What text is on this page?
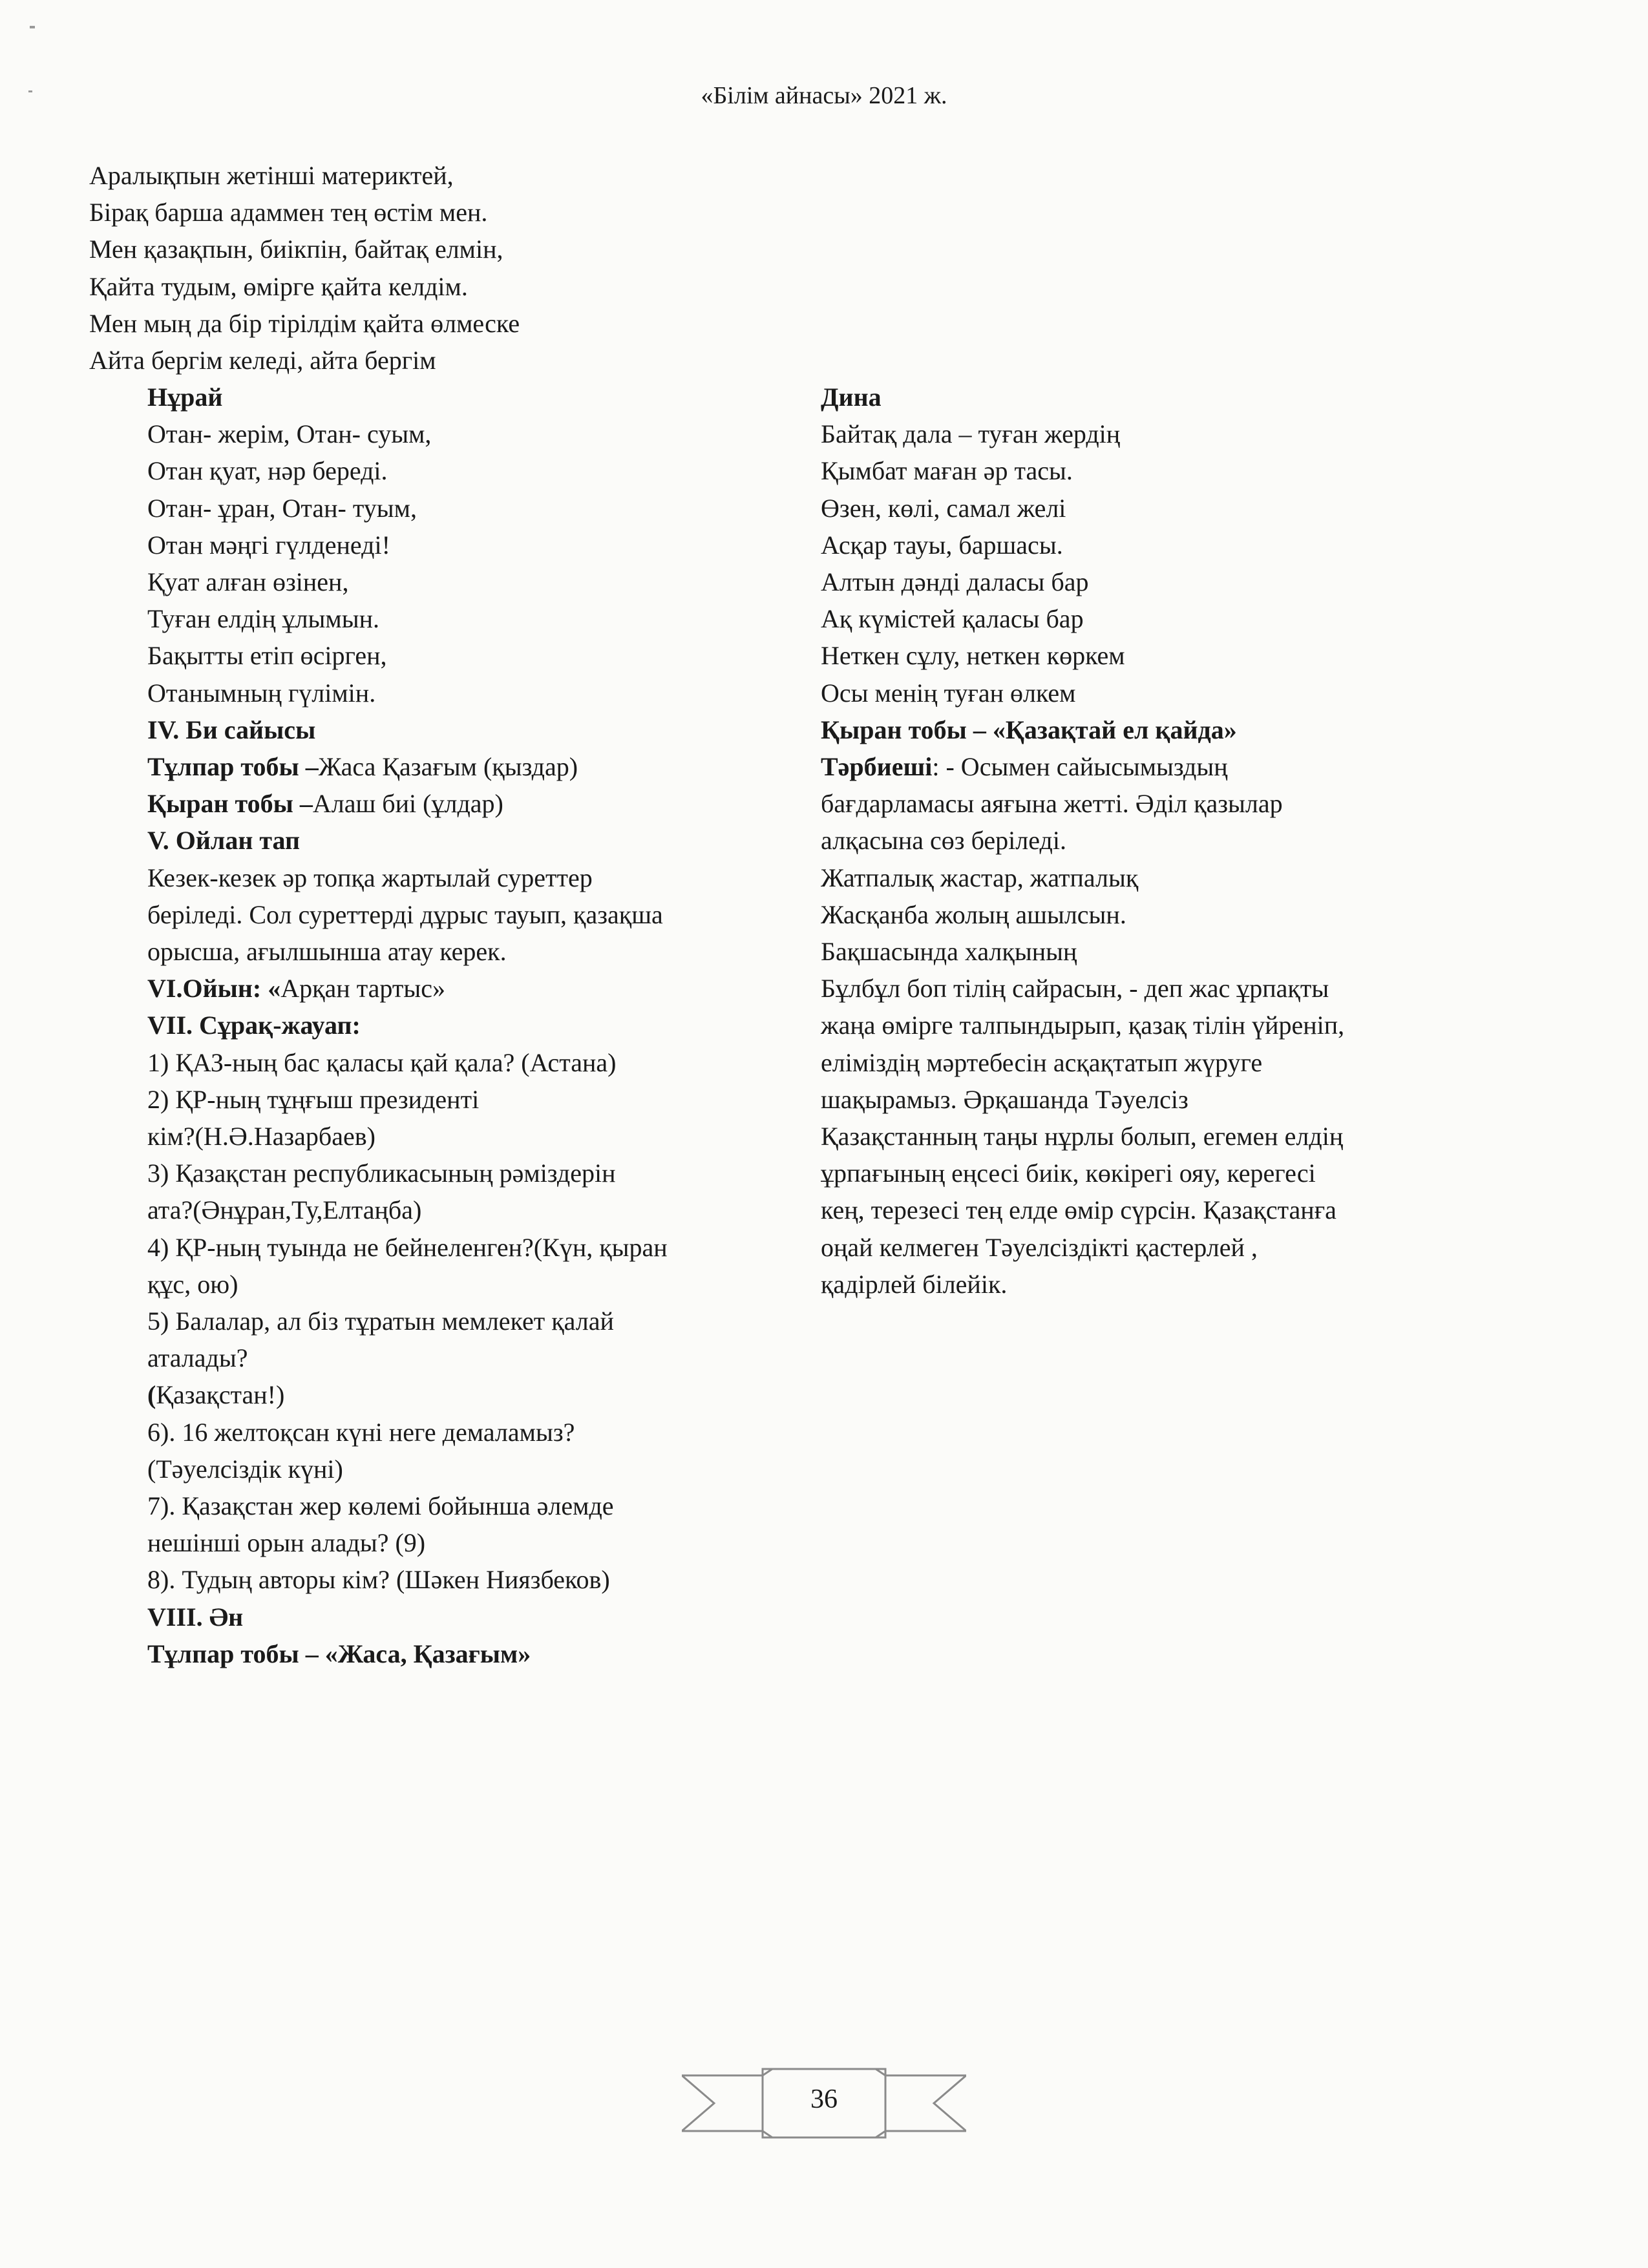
«Білім айнасы» 2021 ж.
Аралықпын жетінші материктей,
Бірақ барша адаммен тең өстім мен.
Мен қазақпын, биікпін, байтақ елмін,
Қайта тудым, өмірге қайта келдім.
Мен мың да бір тірілдім қайта өлмеске
Айта бергім келеді, айта бергім
Нұрай
Отан- жерім, Отан- суым,
Отан қуат, нәр береді.
Отан- ұран, Отан- туым,
Отан мәңгі гүлденеді!
Қуат алған өзінен,
Туған елдің ұлымын.
Бақытты етіп өсірген,
Отанымның гүлімін.
IV. Би сайысы
Тұлпар тобы –Жаса Қазағым (қыздар)
Қыран тобы –Алаш биі (ұлдар)
V. Ойлан тап
Кезек-кезек әр топқа жартылай суреттер
беріледі. Сол суреттерді дұрыс тауып, қазақша
орысша, ағылшынша атау керек.
VI.Ойын: «Арқан тартыс»
VII. Сұрақ-жауап:
1) ҚАЗ-ның бас қаласы қай қала? (Астана)
2) ҚР-ның тұңғыш президенті
кім?(Н.Ә.Назарбаев)
3) Қазақстан республикасының рәміздерін
ата?(Әнұран,Ту,Елтаңба)
4) ҚР-ның туында не бейнеленген?(Күн, қыран
құс, ою)
5) Балалар, ал біз тұратын мемлекет қалай
аталады?
(Қазақстан!)
6). 16 желтоқсан күні неге демаламыз?
(Тәуелсіздік күні)
7). Қазақстан жер көлемі бойынша әлемде
нешінші орын алады? (9)
8). Тудың авторы кім? (Шәкен Ниязбеков)
VIII. Ән
Тұлпар тобы – «Жаса, Қазағым»
Дина
Байтақ дала – туған жердің
Қымбат маған әр тасы.
Өзен, көлі, самал желі
Асқар тауы, баршасы.
Алтын дәнді даласы бар
Ақ күмістей қаласы бар
Неткен сұлу, неткен көркем
Осы менің туған өлкем
Қыран тобы – «Қазақтай ел қайда»
Тәрбиеші: - Осымен сайысымыздың
бағдарламасы аяғына жетті. Әділ қазылар
алқасына сөз беріледі.
Жатпалық жастар, жатпалық
Жасқанба жолың ашылсын.
Бақшасында халқының
Бұлбұл боп тілің сайрасын, - деп жас ұрпақты
жаңа өмірге талпындырып, қазақ тілін үйреніп,
еліміздің мәртебесін асқақтатып жүруге
шақырамыз. Әрқашанда Тәуелсіз
Қазақстанның таңы нұрлы болып, егемен елдің
ұрпағының еңсесі биік, көкірегі ояу, керегесі
кең, терезесі тең елде өмір сүрсін. Қазақстанға
оңай келмеген Тәуелсіздікті қастерлей ,
қадірлей білейік.
36
